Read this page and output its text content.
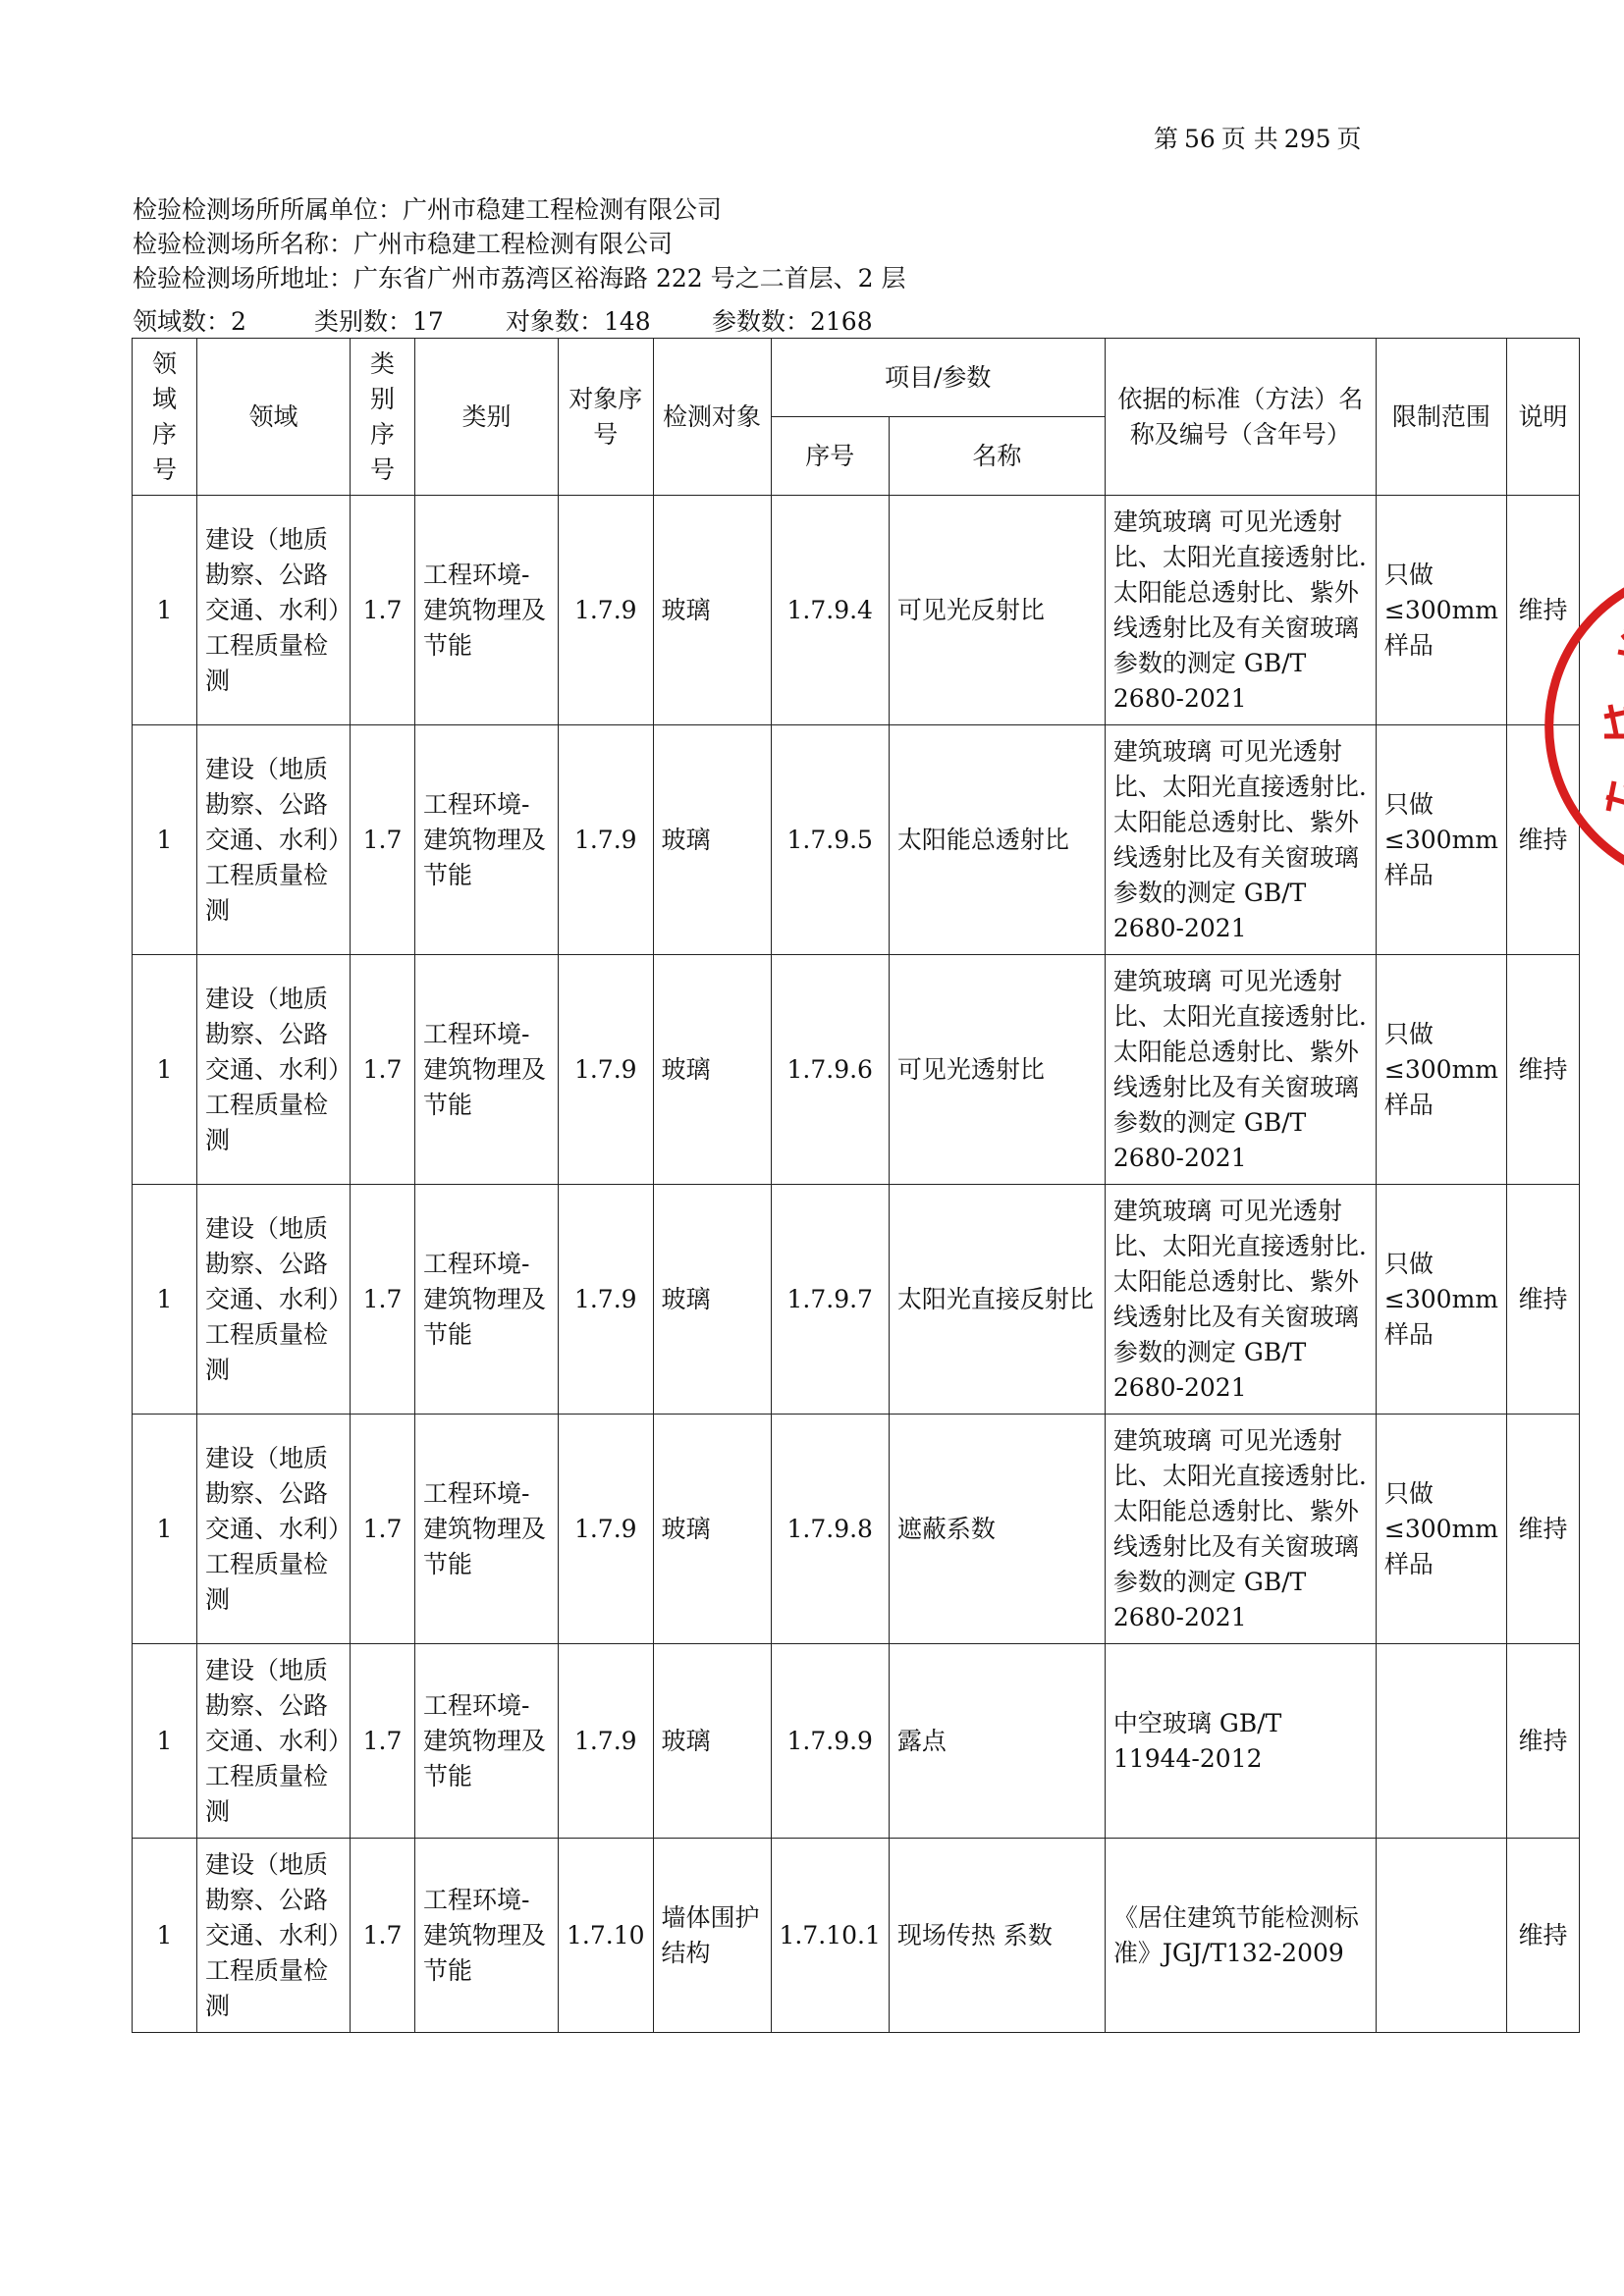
第 56 页 共 295 页
检验检测场所所属单位：广州市稳建工程检测有限公司
检验检测场所名称：广州市稳建工程检测有限公司
检验检测场所地址：广东省广州市荔湾区裕海路 222 号之二首层、2 层
领域数：2	类别数：17	对象数：148 参数数：2168
领域序号	领域	类别序号	类别	对象序号	检测对象	项目/参数		依据的标准（方法）名称及编号（含年号）	限制范围	说明
						序号	名称			
1	建设（地质勘察、公路交通、水利）工程质量检测	1.7	工程环境-建筑物理及节能	1.7.9	玻璃	1.7.9.4	可见光反射比	建筑玻璃 可见光透射比、太阳光直接透射比.太阳能总透射比、紫外线透射比及有关窗玻璃参数的测定 GB/T 2680-2021	只做≤300mm样品	维持
1	建设（地质勘察、公路交通、水利）工程质量检测	1.7	工程环境-建筑物理及节能	1.7.9	玻璃	1.7.9.5	太阳能总透射比	建筑玻璃 可见光透射比、太阳光直接透射比.太阳能总透射比、紫外线透射比及有关窗玻璃参数的测定 GB/T 2680-2021	只做≤300mm样品	维持
1	建设（地质勘察、公路交通、水利）工程质量检测	1.7	工程环境-建筑物理及节能	1.7.9	玻璃	1.7.9.6	可见光透射比	建筑玻璃 可见光透射比、太阳光直接透射比.太阳能总透射比、紫外线透射比及有关窗玻璃参数的测定 GB/T 2680-2021	只做≤300mm样品	维持
1	建设（地质勘察、公路交通、水利）工程质量检测	1.7	工程环境-建筑物理及节能	1.7.9	玻璃	1.7.9.7	太阳光直接反射比	建筑玻璃 可见光透射比、太阳光直接透射比.太阳能总透射比、紫外线透射比及有关窗玻璃参数的测定 GB/T 2680-2021	只做≤300mm样品	维持
1	建设（地质勘察、公路交通、水利）工程质量检测	1.7	工程环境-建筑物理及节能	1.7.9	玻璃	1.7.9.8	遮蔽系数	建筑玻璃 可见光透射比、太阳光直接透射比.太阳能总透射比、紫外线透射比及有关窗玻璃参数的测定 GB/T 2680-2021	只做≤300mm样品	维持
1	建设（地质勘察、公路交通、水利）工程质量检测	1.7	工程环境-建筑物理及节能	1.7.9	玻璃	1.7.9.9	露点	中空玻璃 GB/T 11944-2012		维持
1	建设（地质勘察、公路交通、水利）工程质量检测	1.7	工程环境-建筑物理及节能	1.7.10	墙体围护结构	1.7.10.1	现场传热 系数	《居住建筑节能检测标准》JGJ/T132-2009		维持
